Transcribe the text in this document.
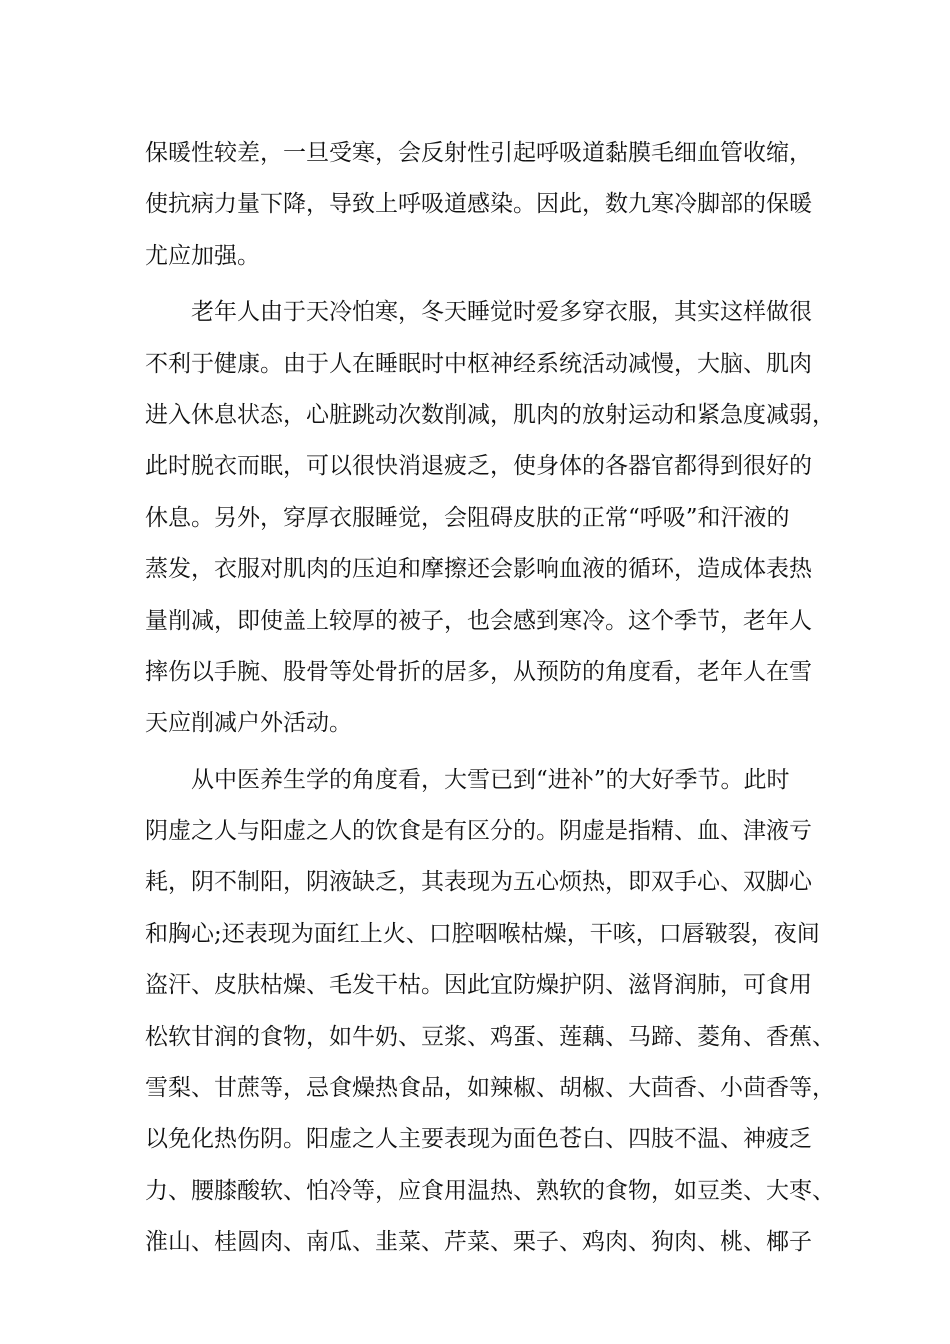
保暖性较差，一旦受寒，会反射性引起呼吸道黏膜毛细血管收缩，
使抗病力量下降，导致上呼吸道感染。因此，数九寒冷脚部的保暖
尤应加强。
　　老年人由于天冷怕寒，冬天睡觉时爱多穿衣服，其实这样做很
不利于健康。由于人在睡眠时中枢神经系统活动减慢，大脑、肌肉
进入休息状态，心脏跳动次数削减，肌肉的放射运动和紧急度减弱，
此时脱衣而眠，可以很快消退疲乏，使身体的各器官都得到很好的
休息。另外，穿厚衣服睡觉，会阻碍皮肤的正常“呼吸”和汗液的
蒸发，衣服对肌肉的压迫和摩擦还会影响血液的循环，造成体表热
量削减，即使盖上较厚的被子，也会感到寒冷。这个季节，老年人
摔伤以手腕、股骨等处骨折的居多，从预防的角度看，老年人在雪
天应削减户外活动。
　　从中医养生学的角度看，大雪已到“进补”的大好季节。此时
阴虚之人与阳虚之人的饮食是有区分的。阴虚是指精、血、津液亏
耗，阴不制阳，阴液缺乏，其表现为五心烦热，即双手心、双脚心
和胸心;还表现为面红上火、口腔咽喉枯燥，干咳，口唇皲裂，夜间
盗汗、皮肤枯燥、毛发干枯。因此宜防燥护阴、滋肾润肺，可食用
松软甘润的食物，如牛奶、豆浆、鸡蛋、莲藕、马蹄、菱角、香蕉、
雪梨、甘蔗等，忌食燥热食品，如辣椒、胡椒、大茴香、小茴香等，
以免化热伤阴。阳虚之人主要表现为面色苍白、四肢不温、神疲乏
力、腰膝酸软、怕冷等，应食用温热、熟软的食物，如豆类、大枣、
淮山、桂圆肉、南瓜、韭菜、芹菜、栗子、鸡肉、狗肉、桃、椰子
